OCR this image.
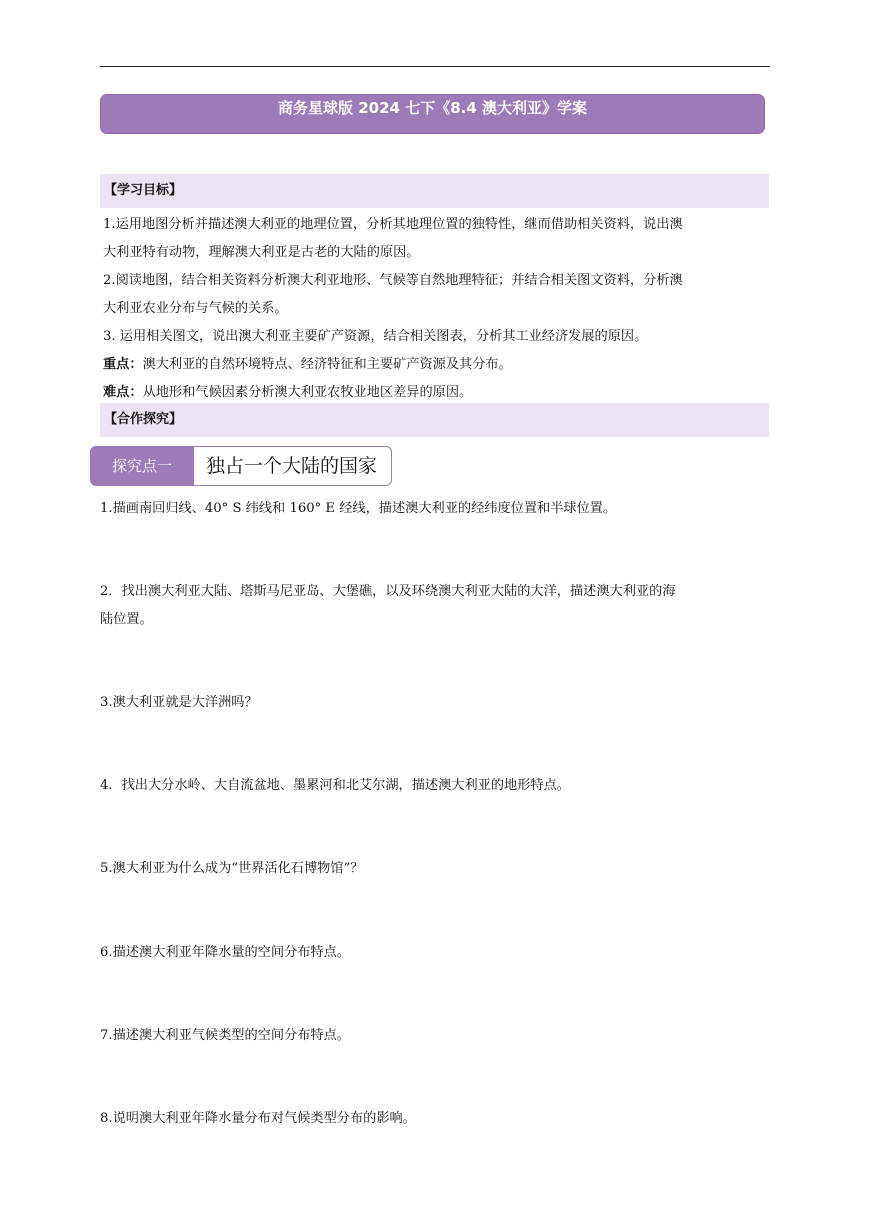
商务星球版 2024 七下《8.4 澳大利亚》学案
【学习目标】

1.运用地图分析并描述澳大利亚的地理位置，分析其地理位置的独特性，继而借助相关资料，说出澳

大利亚特有动物，理解澳大利亚是古老的大陆的原因。

2.阅读地图，结合相关资料分析澳大利亚地形、气候等自然地理特征；并结合相关图文资料，分析澳

大利亚农业分布与气候的关系。

3. 运用相关图文，说出澳大利亚主要矿产资源，结合相关图表，分析其工业经济发展的原因。

重点：澳大利亚的自然环境特点、经济特征和主要矿产资源及其分布。

难点：从地形和气候因素分析澳大利亚农牧业地区差异的原因。

【合作探究】
探究点一	独占一个大陆的国家

1.描画南回归线、40° S 纬线和 160° E 经线，描述澳大利亚的经纬度位置和半球位置。

2．找出澳大利亚大陆、塔斯马尼亚岛、大堡礁，以及环绕澳大利亚大陆的大洋，描述澳大利亚的海

陆位置。

3.澳大利亚就是大洋洲吗？

4．找出大分水岭、大自流盆地、墨累河和北艾尔湖，描述澳大利亚的地形特点。

5.澳大利亚为什么成为“世界活化石博物馆”？

6.描述澳大利亚年降水量的空间分布特点。

7.描述澳大利亚气候类型的空间分布特点。

8.说明澳大利亚年降水量分布对气候类型分布的影响。
